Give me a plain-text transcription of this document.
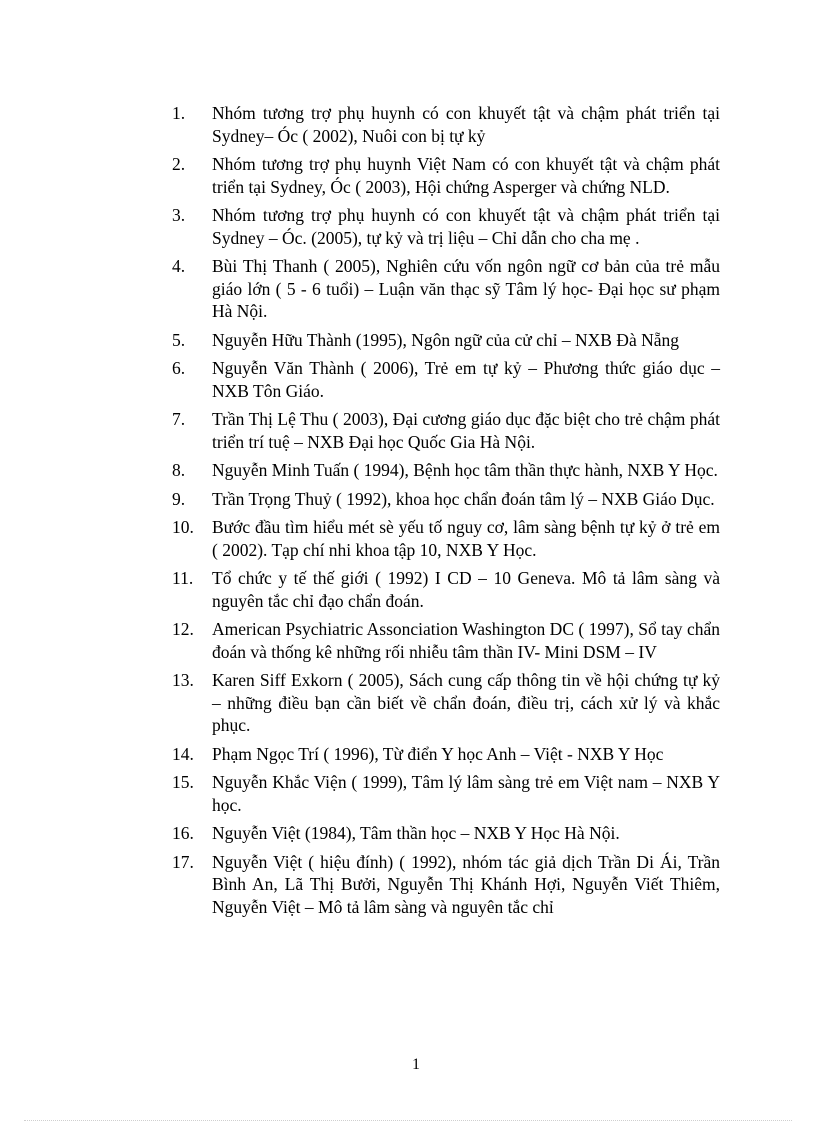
1.	Nhóm tương trợ phụ huynh có con khuyết tật và chậm phát triển tại Sydney– Óc ( 2002), Nuôi con bị tự kỷ
2.	Nhóm tương trợ phụ huynh Việt Nam có con khuyết tật và chậm phát triển tại Sydney, Óc ( 2003), Hội chứng Asperger và chứng NLD.
3.	Nhóm tương trợ phụ huynh có con khuyết tật và chậm phát triển tại Sydney – Óc. (2005), tự kỷ và trị liệu – Chỉ dẫn cho cha mẹ .
4.	Bùi Thị Thanh ( 2005), Nghiên cứu vốn ngôn ngữ cơ bản của trẻ mẫu giáo lớn ( 5 - 6 tuổi) – Luận văn thạc sỹ Tâm lý học- Đại học sư phạm Hà Nội.
5.	Nguyễn Hữu Thành (1995), Ngôn ngữ của cử chỉ – NXB Đà Nẵng
6.	Nguyễn Văn Thành ( 2006), Trẻ em tự kỷ – Phương thức giáo dục – NXB Tôn Giáo.
7.	Trần Thị Lệ Thu ( 2003), Đại cương giáo dục đặc biệt cho trẻ chậm phát triển trí tuệ – NXB Đại học Quốc Gia Hà Nội.
8.	Nguyễn Minh Tuấn ( 1994), Bệnh học tâm thần thực hành, NXB Y Học.
9.	Trần Trọng Thuỷ ( 1992), khoa học chẩn đoán tâm lý – NXB Giáo Dục.
10.	Bước đầu tìm hiểu mét sè yếu tố nguy cơ, lâm sàng bệnh tự kỷ ở trẻ em ( 2002). Tạp chí nhi khoa tập 10, NXB Y Học.
11.	Tổ chức y tế thế giới ( 1992) I CD – 10 Geneva. Mô tả lâm sàng và nguyên tắc chỉ đạo chẩn đoán.
12.	American Psychiatric Assonciation Washington DC ( 1997), Sổ tay chẩn đoán và thống kê những rối nhiễu tâm thần IV- Mini DSM – IV
13.	Karen Siff Exkorn ( 2005), Sách cung cấp thông tin về hội chứng tự kỷ – những điều bạn cần biết về chẩn đoán, điều trị, cách xử lý và khắc phục.
14.	Phạm Ngọc Trí ( 1996), Từ điển Y học Anh – Việt - NXB Y Học
15.	Nguyễn Khắc Viện ( 1999), Tâm lý lâm sàng trẻ em Việt nam – NXB Y học.
16.	Nguyễn Việt (1984), Tâm thần học – NXB Y Học Hà Nội.
17.	Nguyễn Việt ( hiệu đính) ( 1992), nhóm tác giả dịch Trần Di Ái, Trần Bình An, Lã Thị Bưởi, Nguyễn Thị Khánh Hợi, Nguyễn Viết Thiêm, Nguyễn Việt – Mô tả lâm sàng và nguyên tắc chỉ
1
